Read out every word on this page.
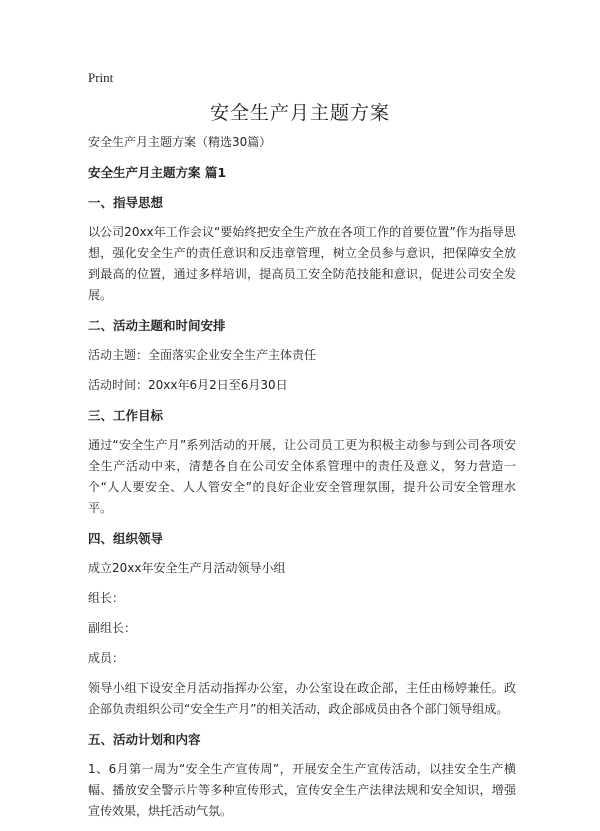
Print
安全生产月主题方案

安全生产月主题方案（精选30篇）

安全生产月主题方案 篇1
一、指导思想

以公司20xx年工作会议“要始终把安全生产放在各项工作的首要位置”作为指导思想，强化安全生产的责任意识和反违章管理，树立全员参与意识，把保障安全放到最高的位置，通过多样培训，提高员工安全防范技能和意识，促进公司安全发展。

二、活动主题和时间安排

活动主题：全面落实企业安全生产主体责任

活动时间：20xx年6月2日至6月30日

三、工作目标

通过“安全生产月”系列活动的开展，让公司员工更为积极主动参与到公司各项安全生产活动中来，清楚各自在公司安全体系管理中的责任及意义，努力营造一个“人人要安全、人人管安全”的良好企业安全管理氛围，提升公司安全管理水平。

四、组织领导

成立20xx年安全生产月活动领导小组

组长：

副组长：

成员：

领导小组下设安全月活动指挥办公室，办公室设在政企部，主任由杨婷兼任。政企部负责组织公司“安全生产月”的相关活动，政企部成员由各个部门领导组成。

五、活动计划和内容

1、6月第一周为“安全生产宣传周”，开展安全生产宣传活动，以挂安全生产横幅、播放安全警示片等多种宣传形式，宣传安全生产法律法规和安全知识，增强宣传效果，烘托活动气氛。
